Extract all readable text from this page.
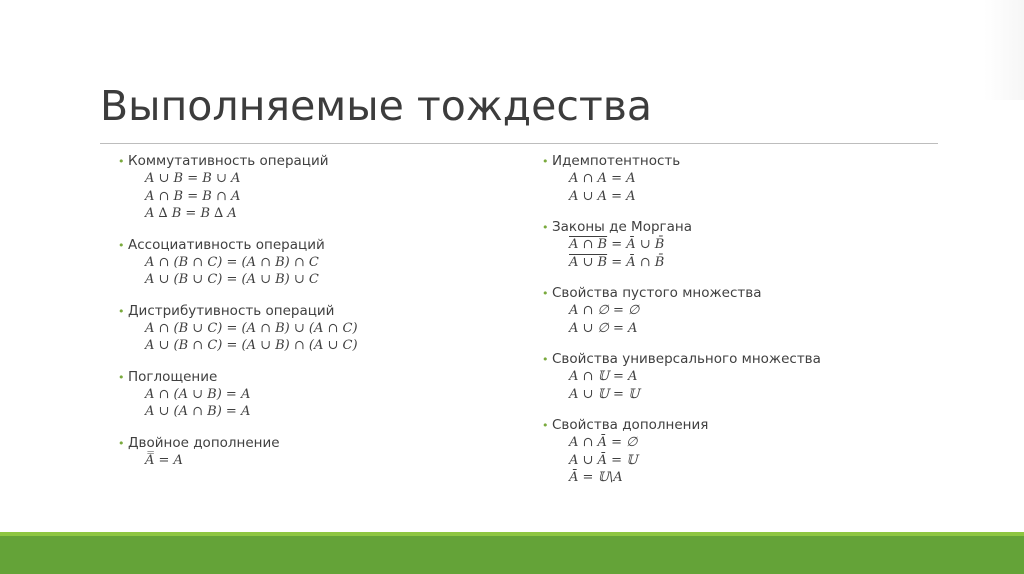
Выполняемые тождества
• Коммутативность операций
A ∪ B = B ∪ A
A ∩ B = B ∩ A
A ∆ B = B ∆ A
• Ассоциативность операций
A ∩ (B ∩ C) = (A ∩ B) ∩ C
A ∪ (B ∪ C) = (A ∪ B) ∪ C
• Дистрибутивность операций
A ∩ (B ∪ C) = (A ∩ B) ∪ (A ∩ C)
A ∪ (B ∩ C) = (A ∪ B) ∩ (A ∪ C)
• Поглощение
A ∩ (A ∪ B) = A
A ∪ (A ∩ B) = A
• Двойное дополнение
A̿ = A
• Идемпотентность
A ∩ A = A
A ∪ A = A
• Законы де Моргана
A ∩ B = Ā ∪ B̄
A ∪ B = Ā ∩ B̄
• Свойства пустого множества
A ∩ ∅ = ∅
A ∪ ∅ = A
• Свойства универсального множества
A ∩ 𝕌 = A
A ∪ 𝕌 = 𝕌
• Свойства дополнения
A ∩ Ā = ∅
A ∪ Ā = 𝕌
Ā = 𝕌\A
